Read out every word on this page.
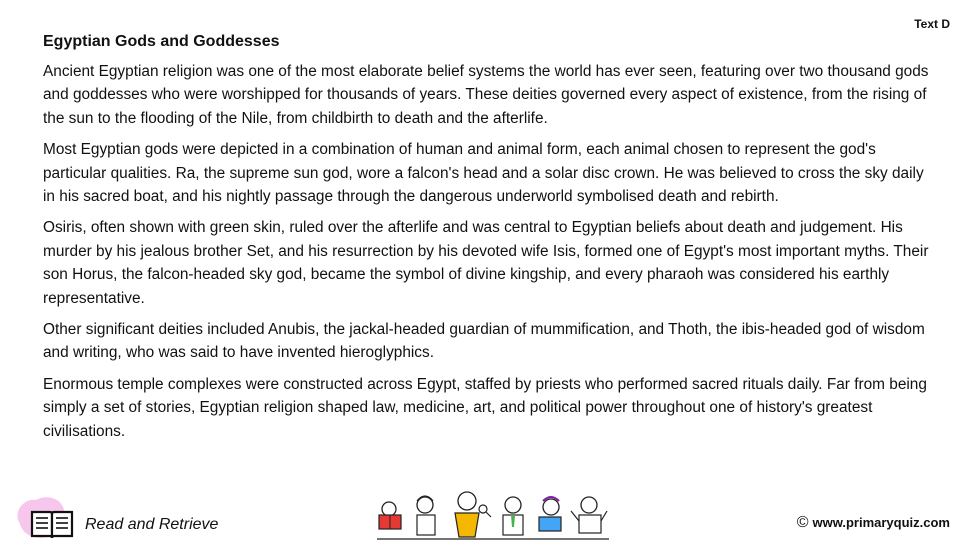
Text D
Egyptian Gods and Goddesses

Ancient Egyptian religion was one of the most elaborate belief systems the world has ever seen, featuring over two thousand gods and goddesses who were worshipped for thousands of years. These deities governed every aspect of existence, from the rising of the sun to the flooding of the Nile, from childbirth to death and the afterlife.

Most Egyptian gods were depicted in a combination of human and animal form, each animal chosen to represent the god's particular qualities. Ra, the supreme sun god, wore a falcon's head and a solar disc crown. He was believed to cross the sky daily in his sacred boat, and his nightly passage through the dangerous underworld symbolised death and rebirth.

Osiris, often shown with green skin, ruled over the afterlife and was central to Egyptian beliefs about death and judgement. His murder by his jealous brother Set, and his resurrection by his devoted wife Isis, formed one of Egypt's most important myths. Their son Horus, the falcon-headed sky god, became the symbol of divine kingship, and every pharaoh was considered his earthly representative.

Other significant deities included Anubis, the jackal-headed guardian of mummification, and Thoth, the ibis-headed god of wisdom and writing, who was said to have invented hieroglyphics.

Enormous temple complexes were constructed across Egypt, staffed by priests who performed sacred rituals daily. Far from being simply a set of stories, Egyptian religion shaped law, medicine, art, and political power throughout one of history's greatest civilisations.

Read and Retrieve	© www.primaryquiz.com
